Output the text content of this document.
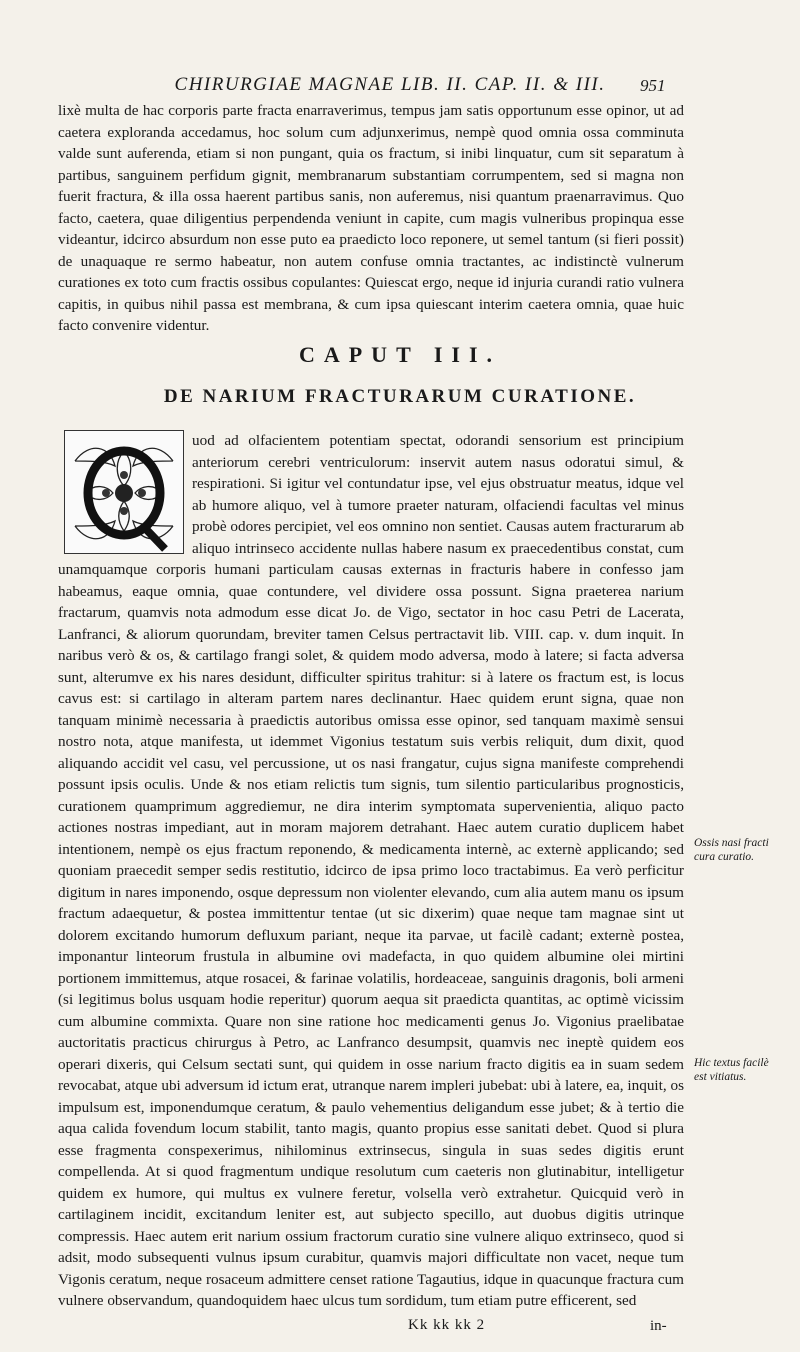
CHIRURGIAE MAGNAE LIB. II. CAP. II. & III.	951

lixè multa de hac corporis parte fracta enarraverimus, tempus jam satis opportunum esse opinor, ut ad caetera exploranda accedamus, hoc solum cum adjunxerimus, nempè quod omnia ossa comminuta valde sunt auferenda, etiam si non pungant, quia os fractum, si inibi linquatur, cum sit separatum à partibus, sanguinem perfidum gignit, membranarum substantiam corrumpentem, sed si magna non fuerit fractura, & illa ossa haerent partibus sanis, non auferemus, nisi quantum praenarravimus. Quo facto, caetera, quae diligentius perpendenda veniunt in capite, cum magis vulneribus propinqua esse videantur, idcirco absurdum non esse puto ea praedicto loco reponere, ut semel tantum (si fieri possit) de unaquaque re sermo habeatur, non autem confuse omnia tractantes, ac indistinctè vulnerum curationes ex toto cum fractis ossibus copulantes: Quiescat ergo, neque id injuria curandi ratio vulnera capitis, in quibus nihil passa est membrana, & cum ipsa quiescant interim caetera omnia, quae huic facto convenire videntur.

CAPUT III.
DE NARIUM FRACTURARUM CURATIONE.

uod ad olfacientem potentiam spectat, odorandi sensorium est principium anteriorum cerebri ventriculorum: inservit autem nasus odoratui simul, & respirationi. Si igitur vel contundatur ipse, vel ejus obstruatur meatus, idque vel ab humore aliquo, vel à tumore praeter naturam, olfaciendi facultas vel minus probè odores percipiet, vel eos omnino non sentiet. Causas autem fracturarum ab aliquo intrinseco accidente nullas habere nasum ex praecedentibus constat, cum unamquamque corporis humani particulam causas externas in fracturis habere in confesso jam habeamus, eaque omnia, quae contundere, vel dividere ossa possunt. Signa praeterea narium fractarum, quamvis nota admodum esse dicat Jo. de Vigo, sectator in hoc casu Petri de Lacerata, Lanfranci, & aliorum quorundam, breviter tamen Celsus pertractavit lib. VIII. cap. v. dum inquit. In naribus verò & os, & cartilago frangi solet, & quidem modo adversa, modo à latere; si facta adversa sunt, alterumve ex his nares desidunt, difficulter spiritus trahitur: si à latere os fractum est, is locus cavus est: si cartilago in alteram partem nares declinantur. Haec quidem erunt signa, quae non tanquam minimè necessaria à praedictis autoribus omissa esse opinor, sed tanquam maximè sensui nostro nota, atque manifesta, ut idemmet Vigonius testatum suis verbis reliquit, dum dixit, quod aliquando accidit vel casu, vel percussione, ut os nasi frangatur, cujus signa manifeste comprehendi possunt ipsis oculis. Unde & nos etiam relictis tum signis, tum silentio particularibus prognosticis, curationem quamprimum aggrediemur, ne dira interim symptomata supervenientia, aliquo pacto actiones nostras impediant, aut in moram majorem detrahant. Haec autem curatio duplicem habet intentionem, nempè os ejus fractum reponendo, & medicamenta internè, ac externè applicando; sed quoniam praecedit semper sedis restitutio, idcirco de ipsa primo loco tractabimus. Ea verò perficitur digitum in nares imponendo, osque depressum non violenter elevando, cum alia autem manu os ipsum fractum adaequetur, & postea immittentur tentae (ut sic dixerim) quae neque tam magnae sint ut dolorem excitando humorum defluxum pariant, neque ita parvae, ut facilè cadant; externè postea, imponantur linteorum frustula in albumine ovi madefacta, in quo quidem albumine olei mirtini portionem immittemus, atque rosacei, & farinae volatilis, hordeaceae, sanguinis dragonis, boli armeni (si legitimus bolus usquam hodie reperitur) quorum aequa sit praedicta quantitas, ac optimè vicissim cum albumine commixta. Quare non sine ratione hoc medicamenti genus Jo. Vigonius praelibatae auctoritatis practicus chirurgus à Petro, ac Lanfranco desumpsit, quamvis nec ineptè quidem eos operari dixeris, qui Celsum sectati sunt, qui quidem in osse narium fracto digitis ea in suam sedem revocabat, atque ubi adversum id ictum erat, utranque narem impleri jubebat: ubi à latere, ea, inquit, os impulsum est, imponendumque ceratum, & paulo vehementius deligandum esse jubet; & à tertio die aqua calida fovendum locum stabilit, tanto magis, quanto propius esse sanitati debet. Quod si plura esse fragmenta conspexerimus, nihilominus extrinsecus, singula in suas sedes digitis erunt compellenda. At si quod fragmentum undique resolutum cum caeteris non glutinabitur, intelligetur quidem ex humore, qui multus ex vulnere feretur, volsella verò extrahetur. Quicquid verò in cartilaginem incidit, excitandum leniter est, aut subjecto specillo, aut duobus digitis utrinque compressis. Haec autem erit narium ossium fractorum curatio sine vulnere aliquo extrinseco, quod si adsit, modo subsequenti vulnus ipsum curabitur, quamvis majori difficultate non vacet, neque tum Vigonis ceratum, neque rosaceum admittere censet ratione Tagautius, idque in quacunque fractura cum vulnere observandum, quandoquidem haec ulcus tum sordidum, tum etiam putre efficerent, sed

Ossis nasi fracti cura curatio.
Hic textus facilè est vitiatus.
Kk kk kk 2	in-
